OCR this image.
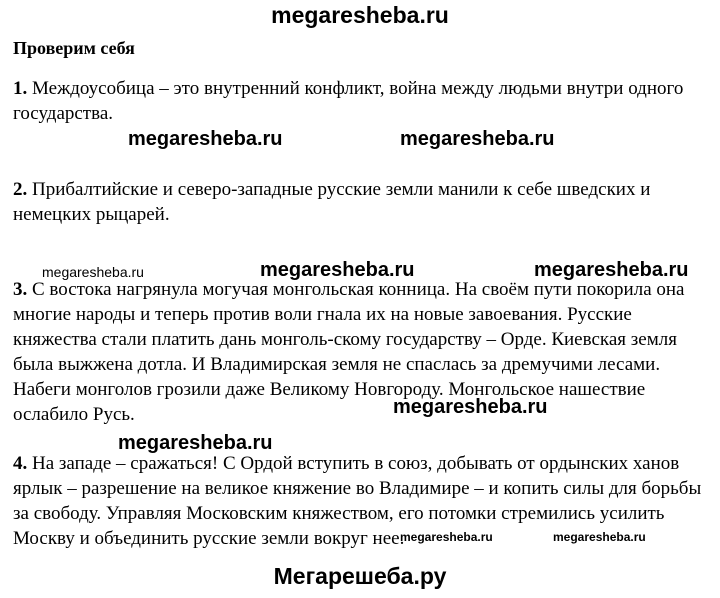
megaresheba.ru
Проверим себя
1. Междоусобица – это внутренний конфликт, война между людьми внутри одного государства.
megaresheba.ru	megaresheba.ru
2. Прибалтийские и северо-западные русские земли манили к себе шведских и немецких рыцарей.
megaresheba.ru	megaresheba.ru	megaresheba.ru
3. С востока нагрянула могучая монгольская конница. На своём пути покорила она многие народы и теперь против воли гнала их на новые завоевания. Русские княжества стали платить дань монголь-скому государству – Орде. Киевская земля была выжжена дотла. И Владимирская земля не спаслась за дремучими лесами. Набеги монголов грозили даже Великому Новгороду. Монгольское нашествие ослабило Русь.	megaresheba.ru
megaresheba.ru
4. На западе – сражаться! С Ордой вступить в союз, добывать от ордынских ханов ярлык – разрешение на великое княжение во Владимире – и копить силы для борьбы за свободу. Управляя Московским княжеством, его потомки стремились усилить Москву и объединить русские земли вокруг нее.
megaresheba.ru	megaresheba.ru
Мегарешеба.ру
